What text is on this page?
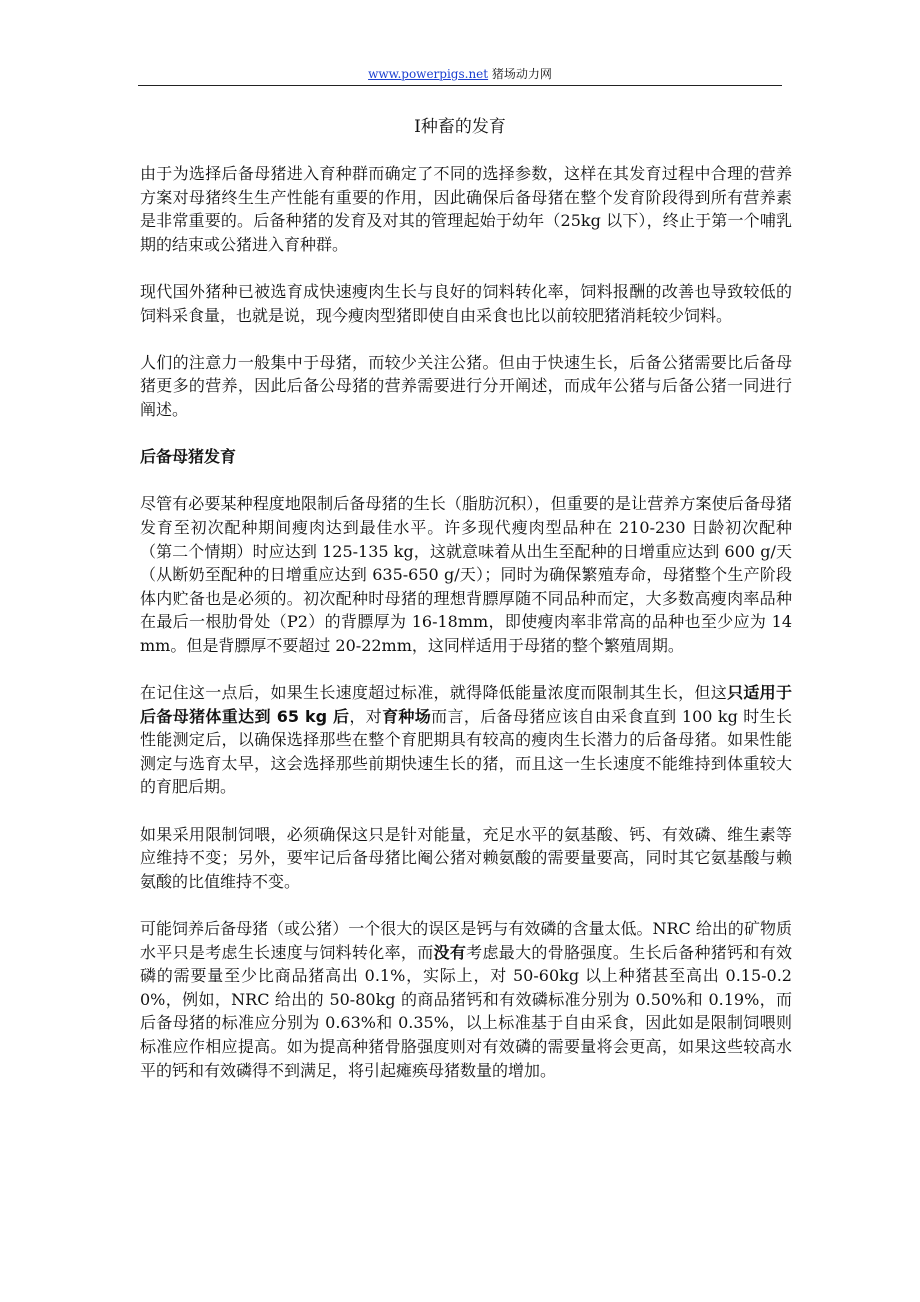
www.powerpigs.net 猪场动力网
Ⅰ种畜的发育

由于为选择后备母猪进入育种群而确定了不同的选择参数，这样在其发育过程中合理的营养方案对母猪终生生产性能有重要的作用，因此确保后备母猪在整个发育阶段得到所有营养素是非常重要的。后备种猪的发育及对其的管理起始于幼年（25kg 以下），终止于第一个哺乳期的结束或公猪进入育种群。

现代国外猪种已被选育成快速瘦肉生长与良好的饲料转化率，饲料报酬的改善也导致较低的饲料采食量，也就是说，现今瘦肉型猪即使自由采食也比以前较肥猪消耗较少饲料。

人们的注意力一般集中于母猪，而较少关注公猪。但由于快速生长，后备公猪需要比后备母猪更多的营养，因此后备公母猪的营养需要进行分开阐述，而成年公猪与后备公猪一同进行阐述。

后备母猪发育

尽管有必要某种程度地限制后备母猪的生长（脂肪沉积），但重要的是让营养方案使后备母猪发育至初次配种期间瘦肉达到最佳水平。许多现代瘦肉型品种在 210-230 日龄初次配种（第二个情期）时应达到 125-135 kg，这就意味着从出生至配种的日增重应达到 600 g/天（从断奶至配种的日增重应达到 635-650 g/天）；同时为确保繁殖寿命，母猪整个生产阶段体内贮备也是必须的。初次配种时母猪的理想背膘厚随不同品种而定，大多数高瘦肉率品种在最后一根肋骨处（P2）的背膘厚为 16-18mm，即使瘦肉率非常高的品种也至少应为 14mm。但是背膘厚不要超过 20-22mm，这同样适用于母猪的整个繁殖周期。

在记住这一点后，如果生长速度超过标准，就得降低能量浓度而限制其生长，但这只适用于后备母猪体重达到 65 kg 后，对育种场而言，后备母猪应该自由采食直到 100 kg 时生长性能测定后，以确保选择那些在整个育肥期具有较高的瘦肉生长潜力的后备母猪。如果性能测定与选育太早，这会选择那些前期快速生长的猪，而且这一生长速度不能维持到体重较大的育肥后期。

如果采用限制饲喂，必须确保这只是针对能量，充足水平的氨基酸、钙、有效磷、维生素等应维持不变；另外，要牢记后备母猪比阉公猪对赖氨酸的需要量要高，同时其它氨基酸与赖氨酸的比值维持不变。

可能饲养后备母猪（或公猪）一个很大的误区是钙与有效磷的含量太低。NRC 给出的矿物质水平只是考虑生长速度与饲料转化率，而没有考虑最大的骨胳强度。生长后备种猪钙和有效磷的需要量至少比商品猪高出 0.1%，实际上，对 50-60kg 以上种猪甚至高出 0.15-0.20%，例如，NRC 给出的 50-80kg 的商品猪钙和有效磷标准分别为 0.50%和 0.19%，而后备母猪的标准应分别为 0.63%和 0.35%，以上标准基于自由采食，因此如是限制饲喂则标准应作相应提高。如为提高种猪骨胳强度则对有效磷的需要量将会更高，如果这些较高水平的钙和有效磷得不到满足，将引起瘫痪母猪数量的增加。
